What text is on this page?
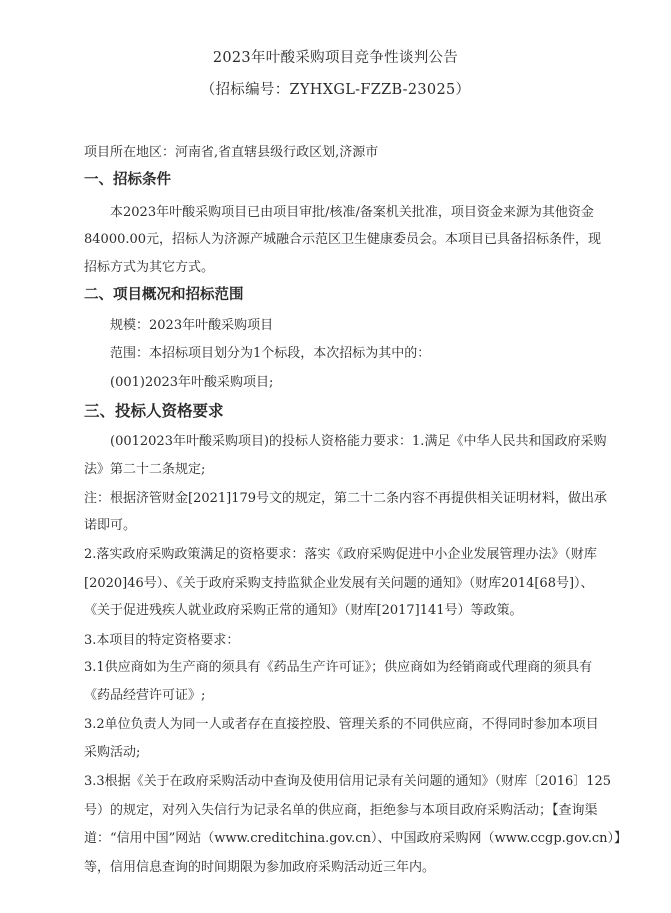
2023年叶酸采购项目竞争性谈判公告
（招标编号：ZYHXGL-FZZB-23025）
项目所在地区：河南省,省直辖县级行政区划,济源市
一、招标条件
本2023年叶酸采购项目已由项目审批/核准/备案机关批准，项目资金来源为其他资金
84000.00元，招标人为济源产城融合示范区卫生健康委员会。本项目已具备招标条件，现
招标方式为其它方式。
二、项目概况和招标范围
规模：2023年叶酸采购项目
范围：本招标项目划分为1个标段，本次招标为其中的：
(001)2023年叶酸采购项目;
三、投标人资格要求
(0012023年叶酸采购项目)的投标人资格能力要求：1.满足《中华人民共和国政府采购
法》第二十二条规定;
注：根据济管财金[2021]179号文的规定，第二十二条内容不再提供相关证明材料，做出承
诺即可。
2.落实政府采购政策满足的资格要求：落实《政府采购促进中小企业发展管理办法》（财库
[2020]46号）、《关于政府采购支持监狱企业发展有关问题的通知》（财库2014[68号]）、
《关于促进残疾人就业政府采购正常的通知》（财库[2017]141号）等政策。
3.本项目的特定资格要求：
3.1供应商如为生产商的须具有《药品生产许可证》；供应商如为经销商或代理商的须具有
《药品经营许可证》;
3.2单位负责人为同一人或者存在直接控股、管理关系的不同供应商，不得同时参加本项目
采购活动;
3.3根据《关于在政府采购活动中查询及使用信用记录有关问题的通知》（财库〔2016〕125
号）的规定，对列入失信行为记录名单的供应商，拒绝参与本项目政府采购活动；【查询渠
道：“信用中国”网站（www.creditchina.gov.cn）、中国政府采购网（www.ccgp.gov.cn）】
等，信用信息查询的时间期限为参加政府采购活动近三年内。
